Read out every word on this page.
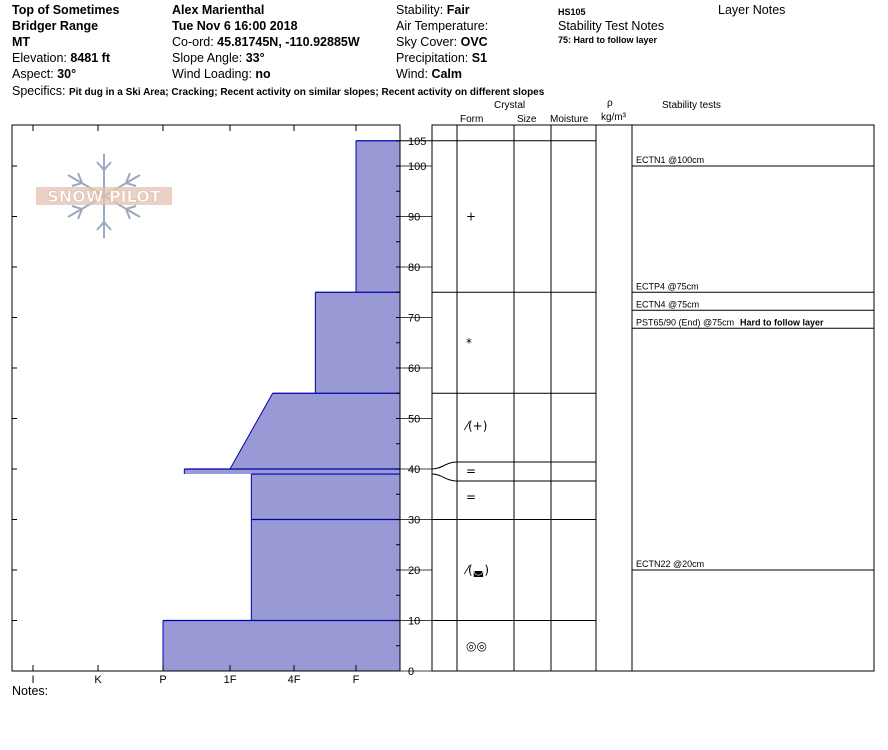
Top of Sometimes
Bridger Range
MT
Elevation: 8481 ft
Aspect: 30°
Alex Marienthal
Tue Nov 6 16:00 2018
Co-ord: 45.81745N, -110.92885W
Slope Angle: 33°
Wind Loading: no
Stability: Fair
Air Temperature:
Sky Cover: OVC
Precipitation: S1
Wind: Calm
HS105
Stability Test Notes
75: Hard to follow layer
Layer Notes
Specifics: Pit dug in a Ski Area; Cracking; Recent activity on similar slopes; Recent activity on different slopes
Crystal
Form	Size Moisture
ρ
kg/m³
Stability tests
SNOW PILOT
I	K	P	1F	4F	F
0
10
20
30
40
50
60
70
80
90
100
105
+
*
⁄(+)
=
=
⁄(◛)
◎◎
ECTN1 @100cm
ECTP4 @75cm
ECTN4 @75cm
PST65/90 (End) @75cm Hard to follow layer
ECTN22 @20cm
Notes:
